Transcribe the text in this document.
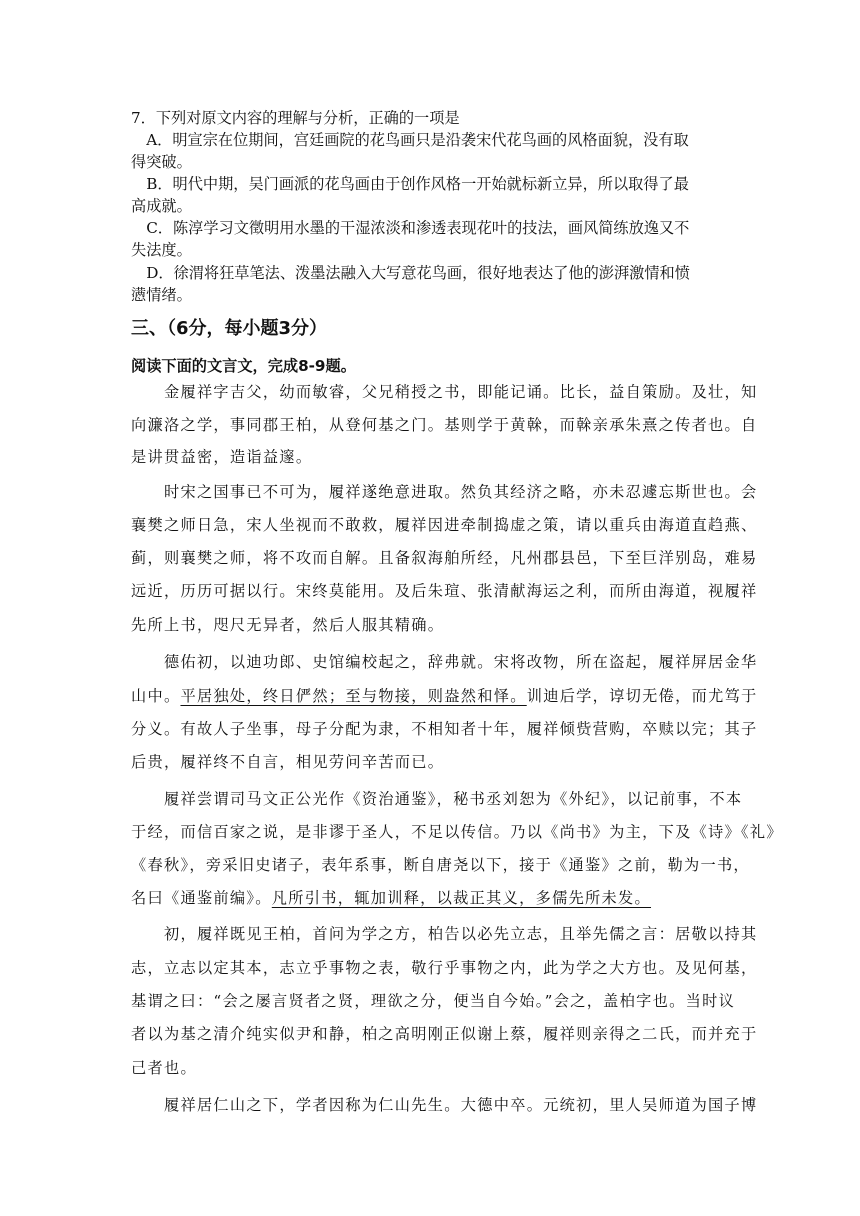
7．下列对原文内容的理解与分析，正确的一项是
　A．明宣宗在位期间，宫廷画院的花鸟画只是沿袭宋代花鸟画的风格面貌，没有取
得突破。
　B．明代中期，吴门画派的花鸟画由于创作风格一开始就标新立异，所以取得了最
高成就。
　C．陈淳学习文徵明用水墨的干湿浓淡和渗透表现花叶的技法，画风简练放逸又不
失法度。
　D．徐渭将狂草笔法、泼墨法融入大写意花鸟画，很好地表达了他的澎湃激情和愤
懑情绪。
三、（6分，每小题3分）
阅读下面的文言文，完成8-9题。
　　金履祥字吉父，幼而敏睿，父兄稍授之书，即能记诵。比长，益自策励。及壮，知
向濂洛之学，事同郡王柏，从登何基之门。基则学于黄榦，而榦亲承朱熹之传者也。自
是讲贯益密，造诣益邃。
　　时宋之国事已不可为，履祥遂绝意进取。然负其经济之略，亦未忍遽忘斯世也。会
襄樊之师日急，宋人坐视而不敢救，履祥因进牵制捣虚之策，请以重兵由海道直趋燕、
蓟，则襄樊之师，将不攻而自解。且备叙海舶所经，凡州郡县邑，下至巨洋别岛，难易
远近，历历可据以行。宋终莫能用。及后朱瑄、张清献海运之利，而所由海道，视履祥
先所上书，咫尺无异者，然后人服其精确。
　　德佑初，以迪功郎、史馆编校起之，辞弗就。宋将改物，所在盗起，履祥屏居金华
山中。平居独处，终日俨然；至与物接，则盎然和怿。训迪后学，谆切无倦，而尤笃于
分义。有故人子坐事，母子分配为隶，不相知者十年，履祥倾赀营购，卒赎以完；其子
后贵，履祥终不自言，相见劳问辛苦而已。
　　履祥尝谓司马文正公光作《资治通鉴》，秘书丞刘恕为《外纪》，以记前事，不本
于经，而信百家之说，是非谬于圣人，不足以传信。乃以《尚书》为主，下及《诗》《礼》
《春秋》，旁采旧史诸子，表年系事，断自唐尧以下，接于《通鉴》之前，勒为一书，
名曰《通鉴前编》。凡所引书，辄加训释，以裁正其义，多儒先所未发。
　　初，履祥既见王柏，首问为学之方，柏告以必先立志，且举先儒之言：居敬以持其
志，立志以定其本，志立乎事物之表，敬行乎事物之内，此为学之大方也。及见何基，
基谓之曰：“会之屡言贤者之贤，理欲之分，便当自今始。”会之，盖柏字也。当时议
者以为基之清介纯实似尹和静，柏之高明刚正似谢上蔡，履祥则亲得之二氏，而并充于
己者也。
　　履祥居仁山之下，学者因称为仁山先生。大德中卒。元统初，里人吴师道为国子博
